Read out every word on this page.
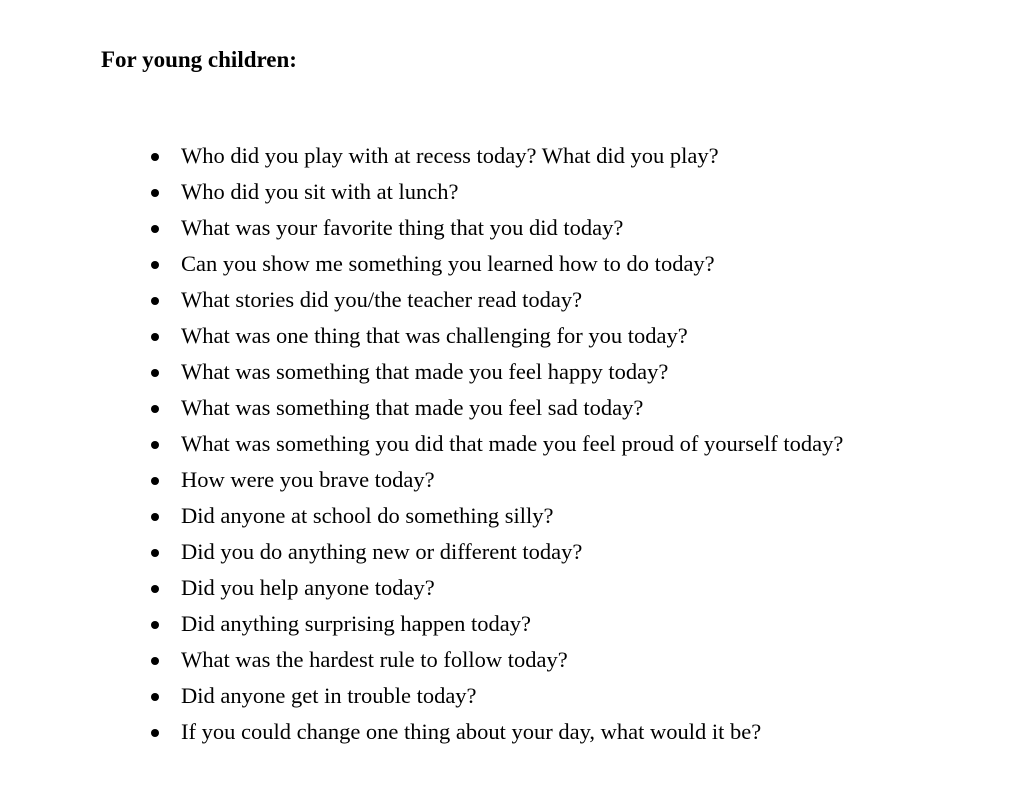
For young children:
Who did you play with at recess today? What did you play?
Who did you sit with at lunch?
What was your favorite thing that you did today?
Can you show me something you learned how to do today?
What stories did you/the teacher read today?
What was one thing that was challenging for you today?
What was something that made you feel happy today?
What was something that made you feel sad today?
What was something you did that made you feel proud of yourself today?
How were you brave today?
Did anyone at school do something silly?
Did you do anything new or different today?
Did you help anyone today?
Did anything surprising happen today?
What was the hardest rule to follow today?
Did anyone get in trouble today?
If you could change one thing about your day, what would it be?
